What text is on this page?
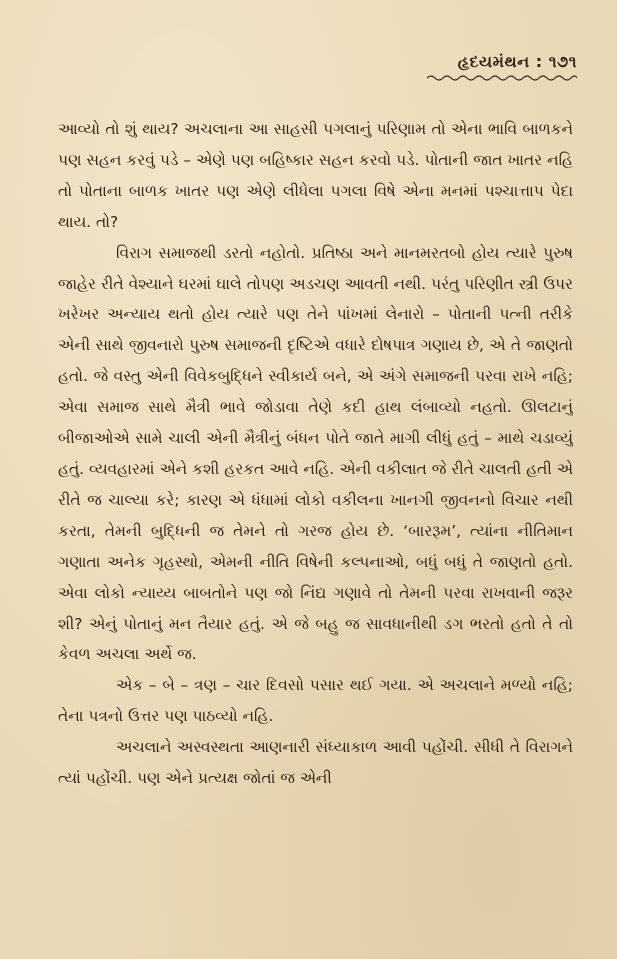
હૃદયમંથન : ૧૭૧

આવ્યો તો શું થાય? અચલાના આ સાહસી પગલાનું પરિણામ તો એના ભાવિ બાળકને પણ સહન કરવું પડે – એણે પણ બહિષ્કાર સહન કરવો પડે. પોતાની જાત ખાતર નહિ તો પોતાના બાળક ખાતર પણ એણે લીધેલા પગલા વિષે એના મનમાં પશ્ચાત્તાપ પેદા થાય. તો?

વિરાગ સમાજથી ડરતો નહોતો. પ્રતિષ્ઠા અને માનમરતબો હોય ત્યારે પુરુષ જાહેર રીતે વેશ્યાને ઘરમાં ઘાલે તોપણ અડચણ આવતી નથી. પરંતુ પરિણીત સ્ત્રી ઉપર ખરેખર અન્યાય થતો હોય ત્યારે પણ તેને પાંખમાં લેનારો – પોતાની પત્ની તરીકે એની સાથે જીવનારો પુરુષ સમાજની દૃષ્ટિએ વધારે દોષપાત્ર ગણાય છે, એ તે જાણતો હતો. જે વસ્તુ એની વિવેકબુદ્ધિને સ્વીકાર્ય બને, એ અંગે સમાજની પરવા રાખે નહિ; એવા સમાજ સાથે મૈત્રી ભાવે જોડાવા તેણે કદી હાથ લંબાવ્યો નહતો. ઊલટાનું બીજાઓએ સામે ચાલી એની મૈત્રીનું બંધન પોતે જાતે માગી લીધું હતું – માથે ચડાવ્યું હતું. વ્યવહારમાં એને કશી હરકત આવે નહિ. એની વકીલાત જે રીતે ચાલતી હતી એ રીતે જ ચાલ્યા કરે; કારણ એ ધંધામાં લોકો વકીલના ખાનગી જીવનનો વિચાર નથી કરતા, તેમની બુદ્ધિની જ તેમને તો ગરજ હોય છે. ‘બારરૂમ’, ત્યાંના નીતિમાન ગણાતા અનેક ગૃહસ્થો, એમની નીતિ વિષેની કલ્પનાઓ, બધું બધું તે જાણતો હતો. એવા લોકો ન્યાય્ય બાબતોને પણ જો નિંદ્ય ગણાવે તો તેમની પરવા રાખવાની જરૂર શી? એનું પોતાનું મન તૈયાર હતું. એ જે બહુ જ સાવધાનીથી ડગ ભરતો હતો તે તો કેવળ અચલા અર્થે જ.

એક – બે – ત્રણ – ચાર દિવસો પસાર થઈ ગયા. એ અચલાને મળ્યો નહિ; તેના પત્રનો ઉત્તર પણ પાઠવ્યો નહિ.

અચલાને અસ્વસ્થતા આણનારી સંધ્યાકાળ આવી પહોંચી. સીધી તે વિરાગને ત્યાં પહોંચી. પણ એને પ્રત્યક્ષ જોતાં જ એની
